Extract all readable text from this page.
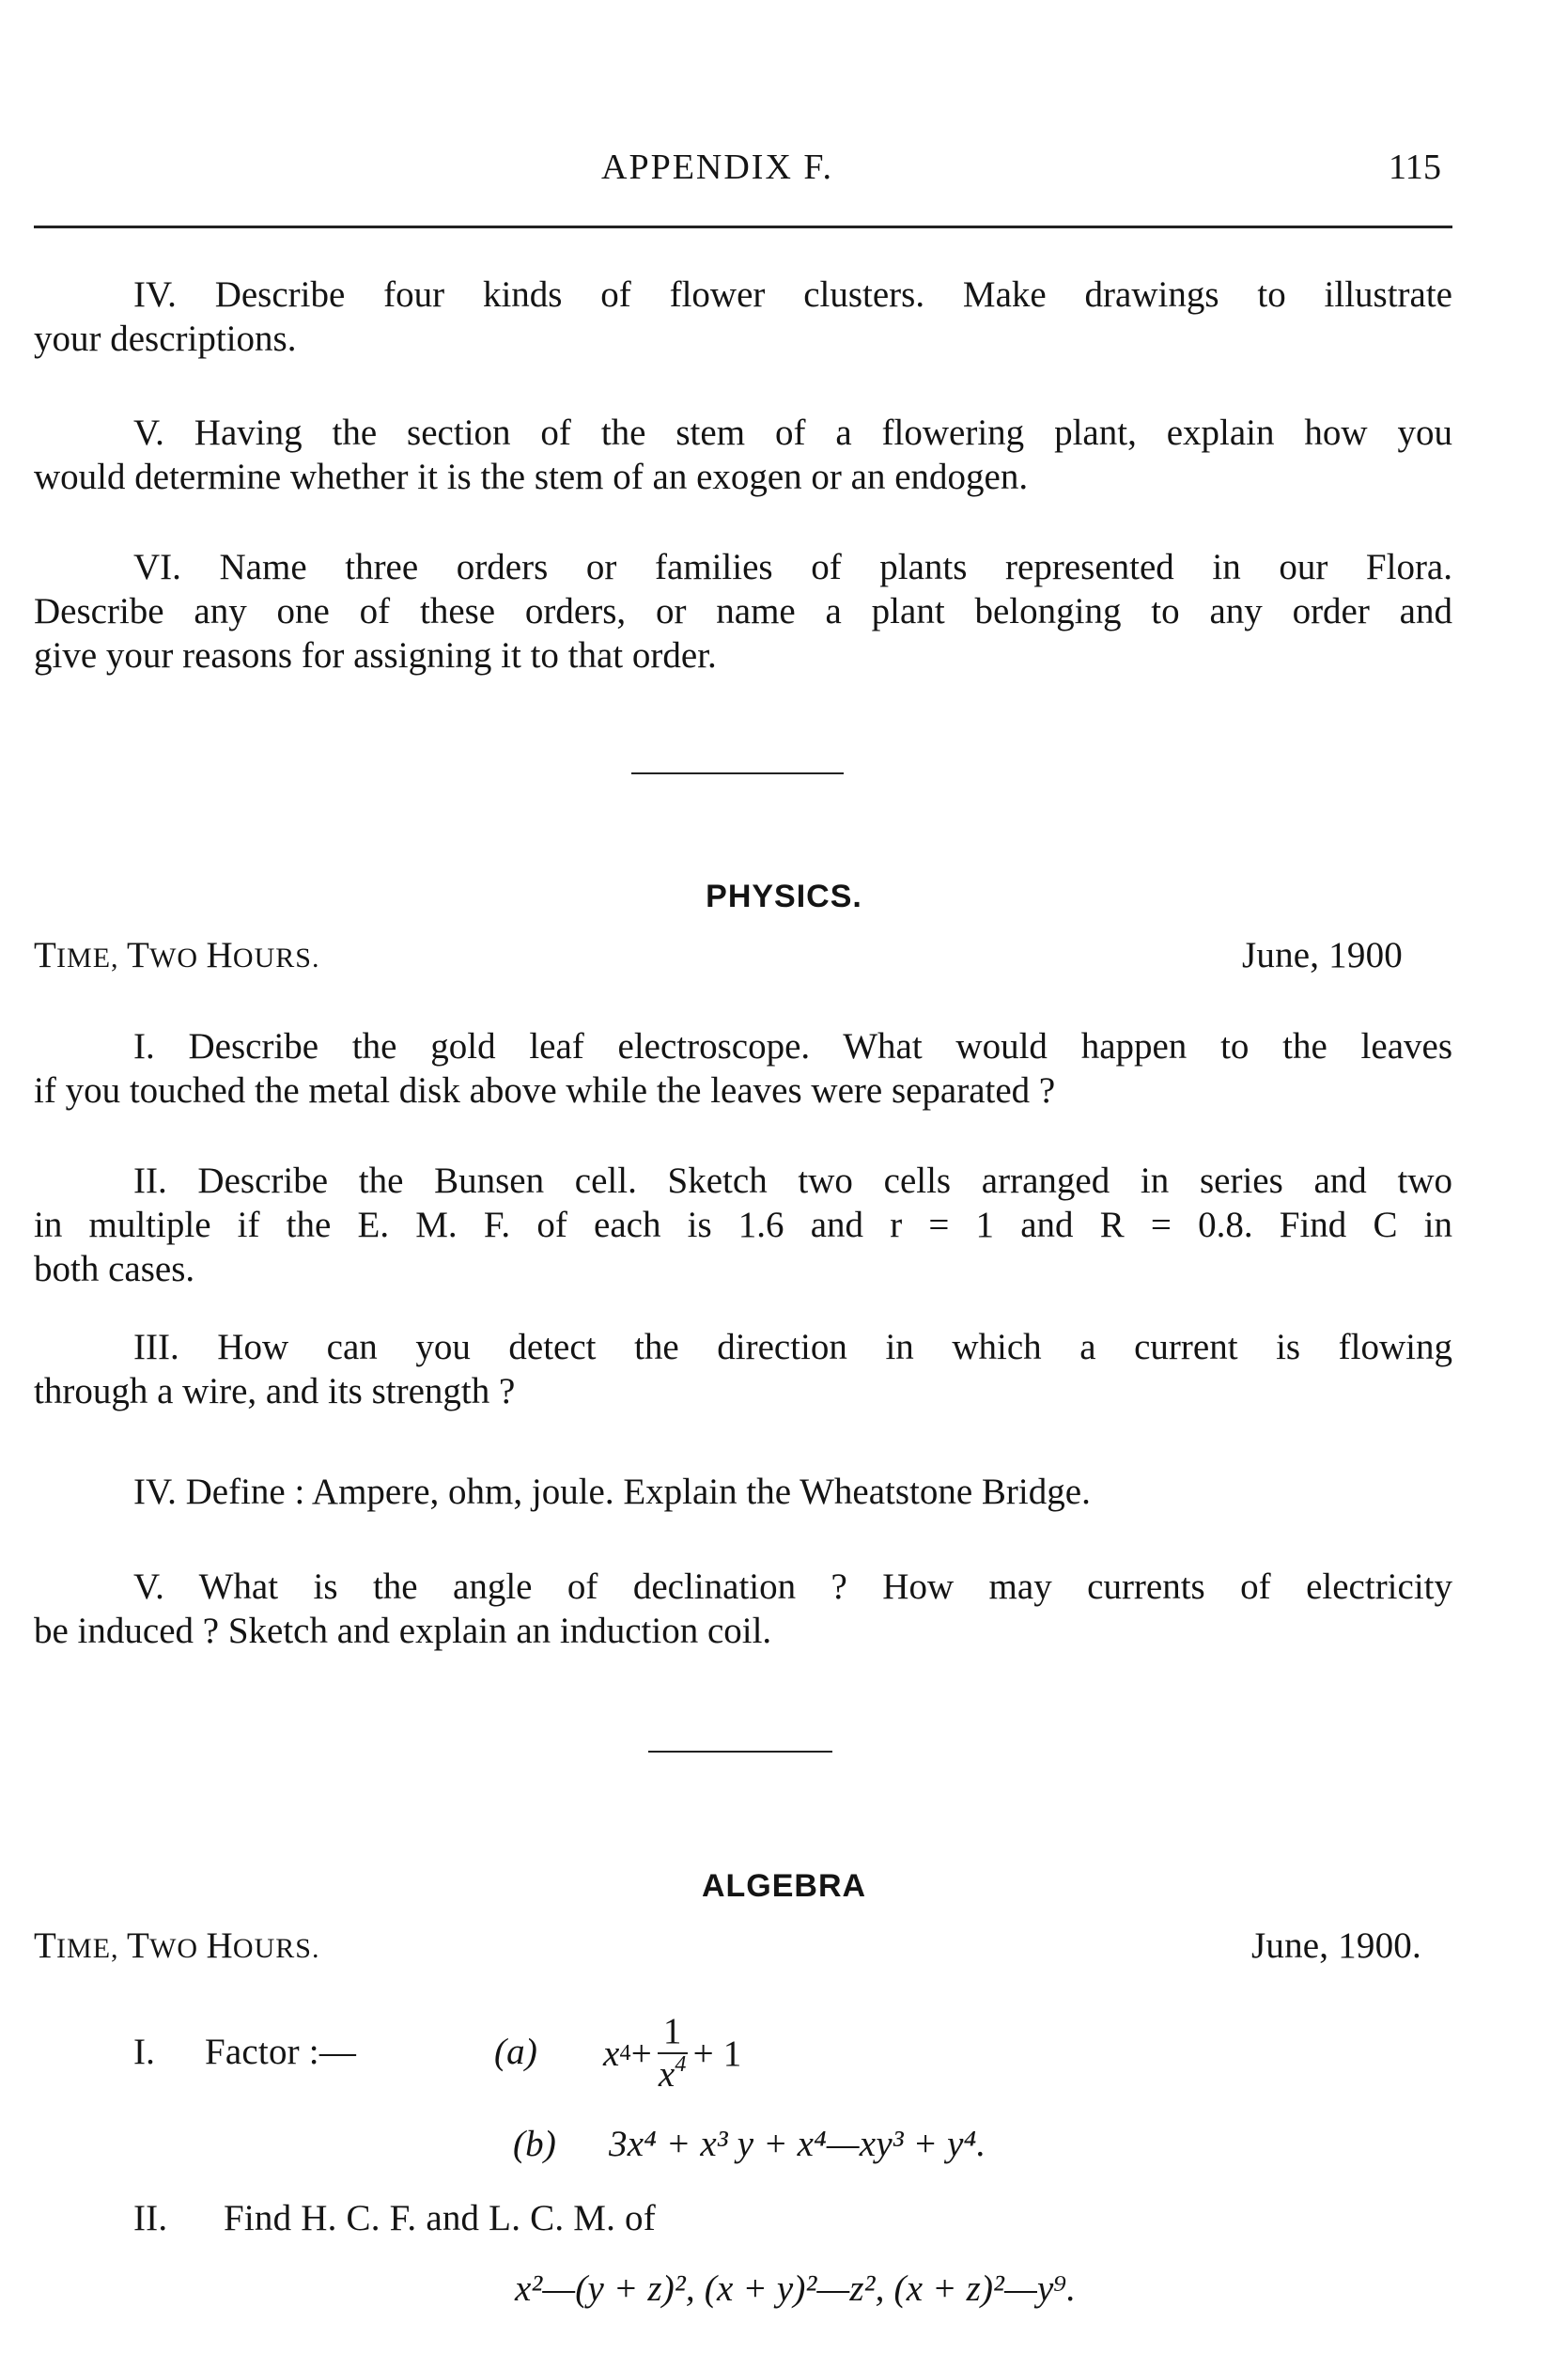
APPENDIX F.	115

IV. Describe four kinds of flower clusters. Make drawings to illustrate

your descriptions.

V. Having the section of the stem of a flowering plant, explain how you

would determine whether it is the stem of an exogen or an endogen.

VI. Name three orders or families of plants represented in our Flora.

Describe any one of these orders, or name a plant belonging to any order and

give your reasons for assigning it to that order.

PHYSICS.
TIME, TWO HOURS.	June, 1900

I. Describe the gold leaf electroscope. What would happen to the leaves

if you touched the metal disk above while the leaves were separated ?

II. Describe the Bunsen cell. Sketch two cells arranged in series and two

in multiple if the E. M. F. of each is 1.6 and r = 1 and R = 0.8. Find C in

both cases.

III. How can you detect the direction in which a current is flowing

through a wire, and its strength ?

IV. Define : Ampere, ohm, joule. Explain the Wheatstone Bridge.

V. What is the angle of declination ? How may currents of electricity

be induced ? Sketch and explain an induction coil.

ALGEBRA
TIME, TWO HOURS.	June, 1900.
I. Factor :—	(a) x $4 + \frac{1}{x^4} + 1$
(b) 3x⁴ + x³ y + x⁴—xy³ + y⁴.
II. Find H. C. F. and L. C. M. of
x²—(y + z)², (x + y)²—z², (x + z)²—y⁹.
